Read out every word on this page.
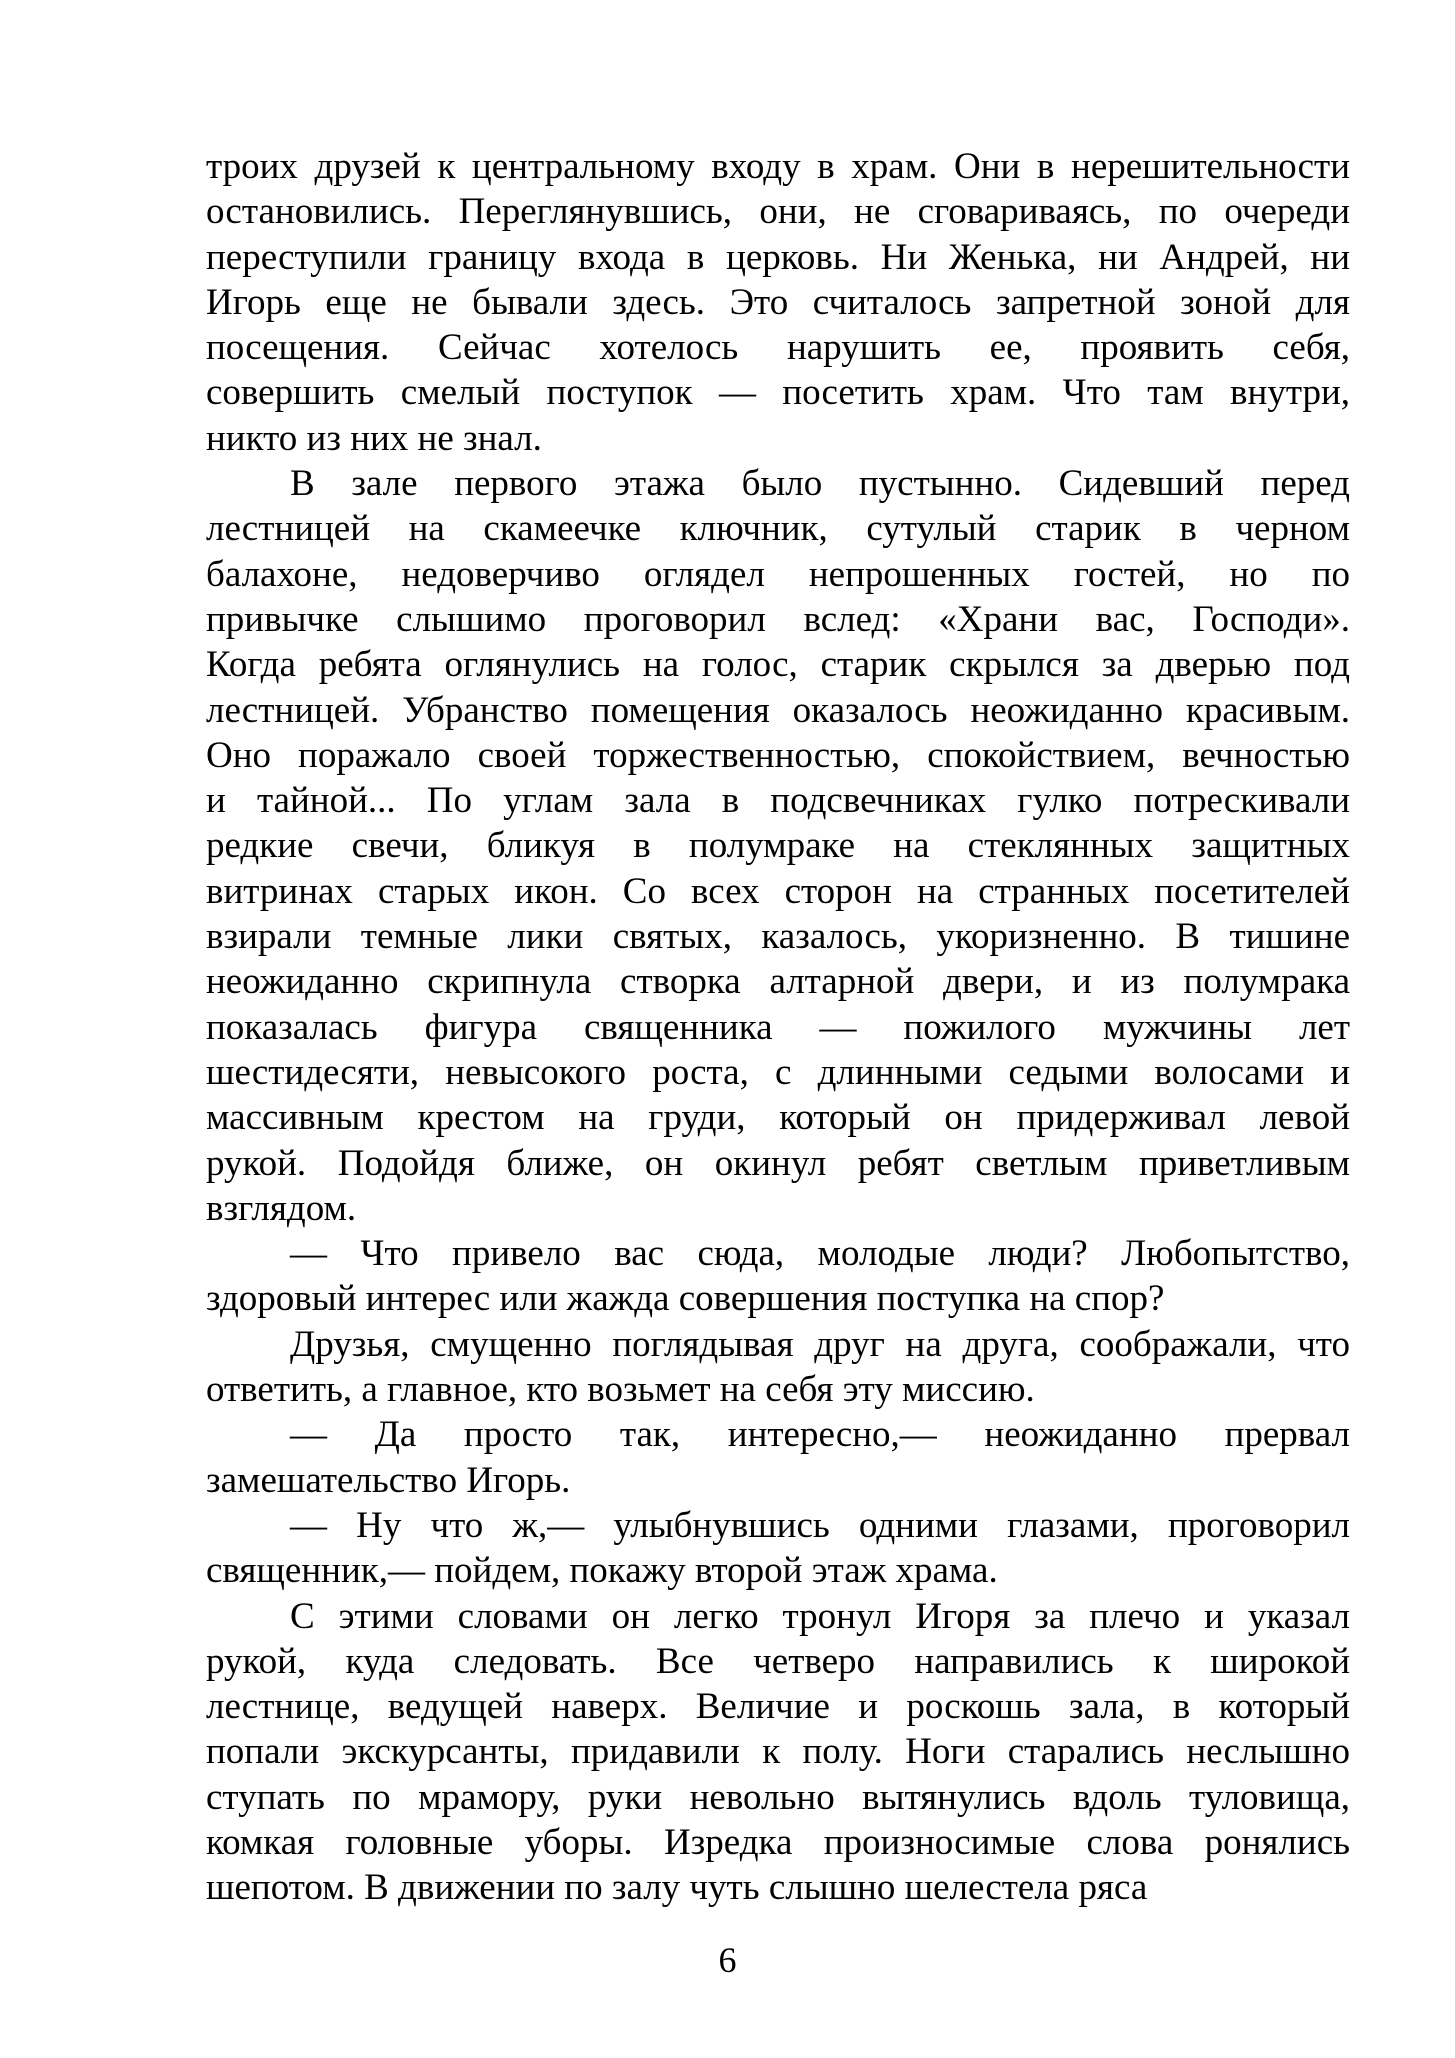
троих друзей к центральному входу в храм. Они в нерешительности
остановились. Переглянувшись, они, не сговариваясь, по очереди
переступили границу входа в церковь. Ни Женька, ни Андрей, ни
Игорь еще не бывали здесь. Это считалось запретной зоной для
посещения. Сейчас хотелось нарушить ее, проявить себя,
совершить смелый поступок — посетить храм. Что там внутри,
никто из них не знал.
В зале первого этажа было пустынно. Сидевший перед
лестницей на скамеечке ключник, сутулый старик в черном
балахоне, недоверчиво оглядел непрошенных гостей, но по
привычке слышимо проговорил вслед: «Храни вас, Господи».
Когда ребята оглянулись на голос, старик скрылся за дверью под
лестницей. Убранство помещения оказалось неожиданно красивым.
Оно поражало своей торжественностью, спокойствием, вечностью
и тайной... По углам зала в подсвечниках гулко потрескивали
редкие свечи, бликуя в полумраке на стеклянных защитных
витринах старых икон. Со всех сторон на странных посетителей
взирали темные лики святых, казалось, укоризненно. В тишине
неожиданно скрипнула створка алтарной двери, и из полумрака
показалась фигура священника — пожилого мужчины лет
шестидесяти, невысокого роста, с длинными седыми волосами и
массивным крестом на груди, который он придерживал левой
рукой. Подойдя ближе, он окинул ребят светлым приветливым
взглядом.
— Что привело вас сюда, молодые люди? Любопытство,
здоровый интерес или жажда совершения поступка на спор?
Друзья, смущенно поглядывая друг на друга, соображали, что
ответить, а главное, кто возьмет на себя эту миссию.
— Да просто так, интересно,— неожиданно прервал
замешательство Игорь.
— Ну что ж,— улыбнувшись одними глазами, проговорил
священник,— пойдем, покажу второй этаж храма.
С этими словами он легко тронул Игоря за плечо и указал
рукой, куда следовать. Все четверо направились к широкой
лестнице, ведущей наверх. Величие и роскошь зала, в который
попали экскурсанты, придавили к полу. Ноги старались неслышно
ступать по мрамору, руки невольно вытянулись вдоль туловища,
комкая головные уборы. Изредка произносимые слова ронялись
шепотом. В движении по залу чуть слышно шелестела ряса
6
